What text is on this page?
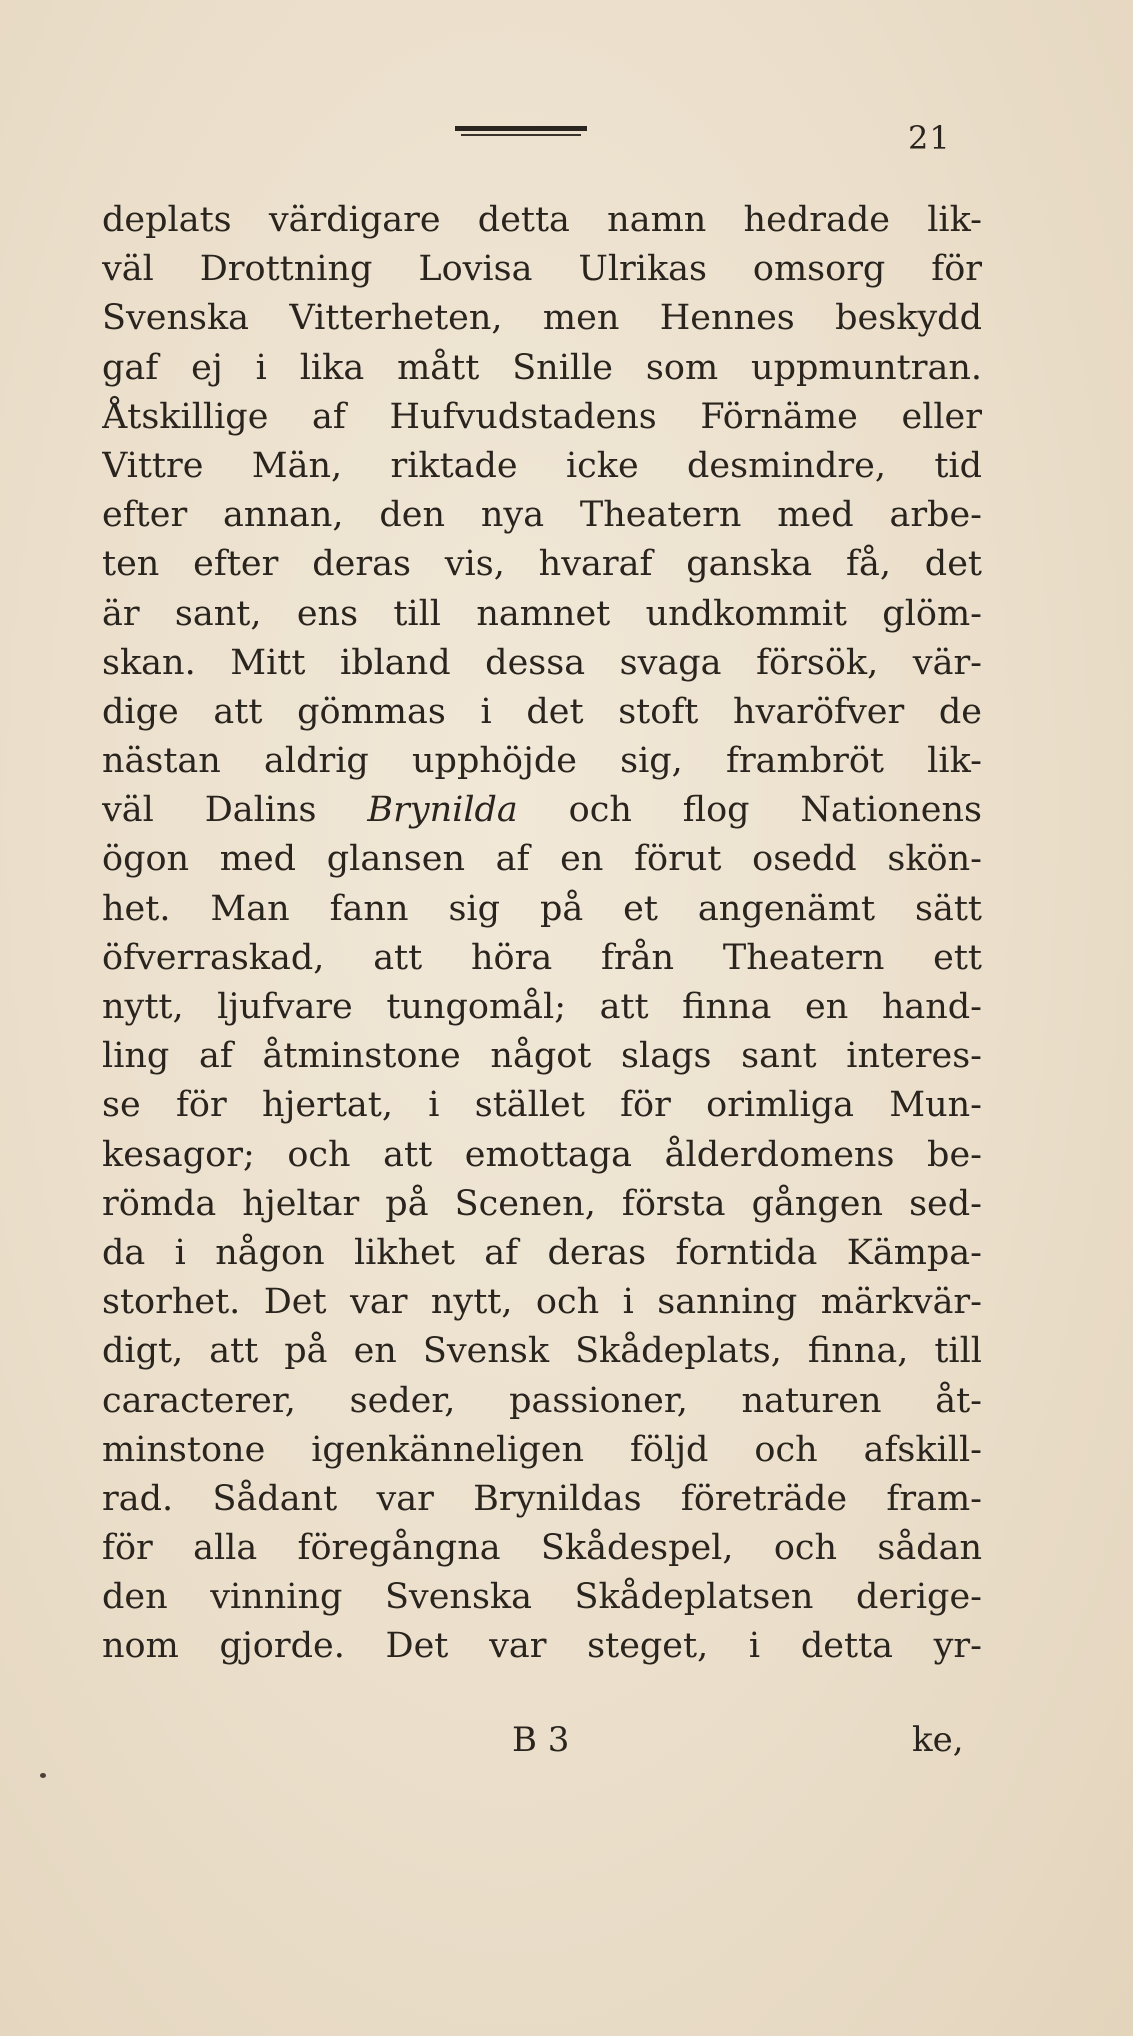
21
deplats värdigare detta namn hedrade lik-
väl Drottning Lovisa Ulrikas omsorg för
Svenska Vitterheten, men Hennes beskydd
gaf ej i lika mått Snille som uppmuntran.
Åtskillige af Hufvudstadens Förnäme eller
Vittre Män, riktade icke desmindre, tid
efter annan, den nya Theatern med arbe-
ten efter deras vis, hvaraf ganska få, det
är sant, ens till namnet undkommit glöm-
skan. Mitt ibland dessa svaga försök, vär-
dige att gömmas i det stoft hvaröfver de
nästan aldrig upphöjde sig, frambröt lik-
väl Dalins Brynilda och flog Nationens
ögon med glansen af en förut osedd skön-
het. Man fann sig på et angenämt sätt
öfverraskad, att höra från Theatern ett
nytt, ljufvare tungomål; att finna en hand-
ling af åtminstone något slags sant interes-
se för hjertat, i stället för orimliga Mun-
kesagor; och att emottaga ålderdomens be-
römda hjeltar på Scenen, första gången sed-
da i någon likhet af deras forntida Kämpa-
storhet. Det var nytt, och i sanning märkvär-
digt, att på en Svensk Skådeplats, finna, till
caracterer, seder, passioner, naturen åt-
minstone igenkänneligen följd och afskill-
rad. Sådant var Brynildas företräde fram-
för alla föregångna Skådespel, och sådan
den vinning Svenska Skådeplatsen derige-
nom gjorde. Det var steget, i detta yr-
B 3	ke,
